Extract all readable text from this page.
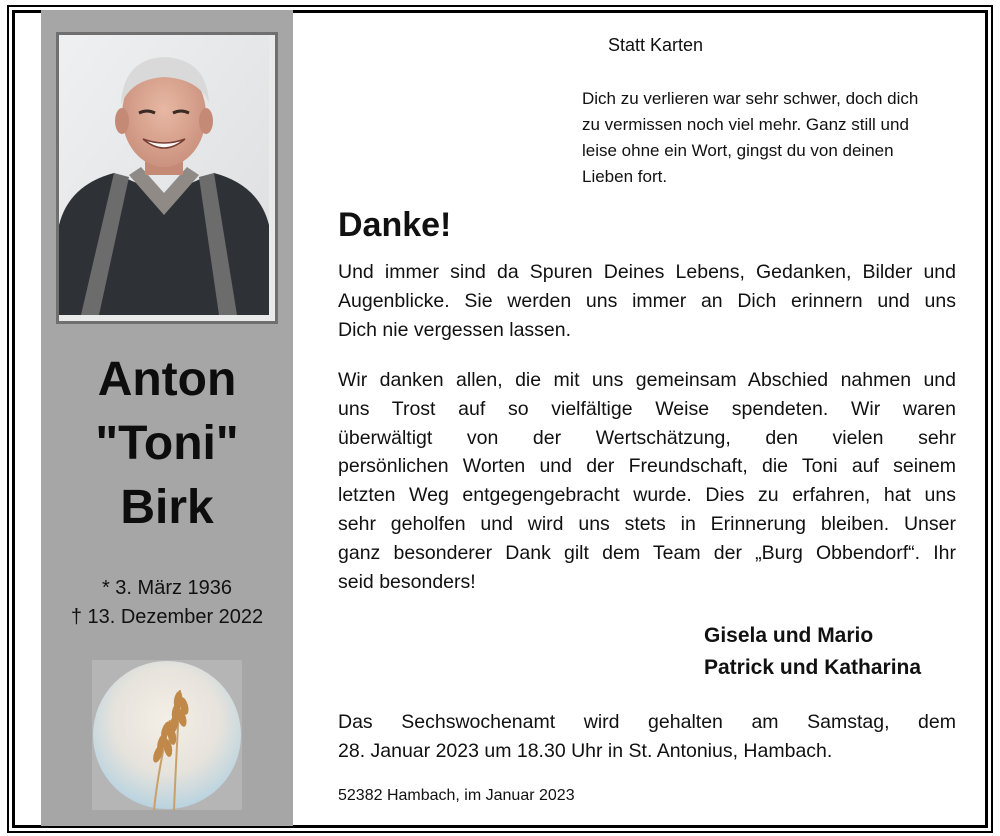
Anton
"Toni"
Birk
* 3. März 1936
† 13. Dezember 2022
Statt Karten
Dich zu verlieren war sehr schwer, doch dich
zu vermissen noch viel mehr. Ganz still und
leise ohne ein Wort, gingst du von deinen
Lieben fort.
Danke!
Und immer sind da Spuren Deines Lebens, Gedanken, Bilder und
Augenblicke. Sie werden uns immer an Dich erinnern und uns
Dich nie vergessen lassen.
Wir danken allen, die mit uns gemeinsam Abschied nahmen und
uns Trost auf so vielfältige Weise spendeten. Wir waren
überwältigt von der Wertschätzung, den vielen sehr
persönlichen Worten und der Freundschaft, die Toni auf seinem
letzten Weg entgegengebracht wurde. Dies zu erfahren, hat uns
sehr geholfen und wird uns stets in Erinnerung bleiben. Unser
ganz besonderer Dank gilt dem Team der „Burg Obbendorf“. Ihr
seid besonders!
Gisela und Mario
Patrick und Katharina
Das Sechswochenamt wird gehalten am Samstag, dem
28. Januar 2023 um 18.30 Uhr in St. Antonius, Hambach.
52382 Hambach, im Januar 2023
